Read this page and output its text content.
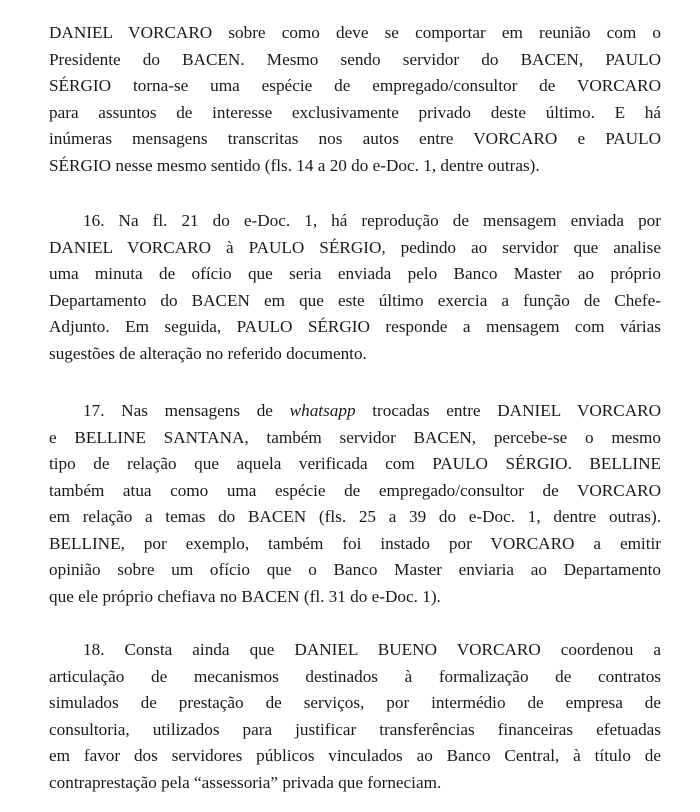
DANIEL VORCARO sobre como deve se comportar em reunião com o
Presidente do BACEN. Mesmo sendo servidor do BACEN, PAULO
SÉRGIO torna-se uma espécie de empregado/consultor de VORCARO
para assuntos de interesse exclusivamente privado deste último. E há
inúmeras mensagens transcritas nos autos entre VORCARO e PAULO
SÉRGIO nesse mesmo sentido (fls. 14 a 20 do e-Doc. 1, dentre outras).
16. Na fl. 21 do e-Doc. 1, há reprodução de mensagem enviada por
DANIEL VORCARO à PAULO SÉRGIO, pedindo ao servidor que analise
uma minuta de ofício que seria enviada pelo Banco Master ao próprio
Departamento do BACEN em que este último exercia a função de Chefe-
Adjunto. Em seguida, PAULO SÉRGIO responde a mensagem com várias
sugestões de alteração no referido documento.
17. Nas mensagens de whatsapp trocadas entre DANIEL VORCARO
e BELLINE SANTANA, também servidor BACEN, percebe-se o mesmo
tipo de relação que aquela verificada com PAULO SÉRGIO. BELLINE
também atua como uma espécie de empregado/consultor de VORCARO
em relação a temas do BACEN (fls. 25 a 39 do e-Doc. 1, dentre outras).
BELLINE, por exemplo, também foi instado por VORCARO a emitir
opinião sobre um ofício que o Banco Master enviaria ao Departamento
que ele próprio chefiava no BACEN (fl. 31 do e-Doc. 1).
18. Consta ainda que DANIEL BUENO VORCARO coordenou a
articulação de mecanismos destinados à formalização de contratos
simulados de prestação de serviços, por intermédio de empresa de
consultoria, utilizados para justificar transferências financeiras efetuadas
em favor dos servidores públicos vinculados ao Banco Central, à título de
contraprestação pela “assessoria” privada que forneciam.
